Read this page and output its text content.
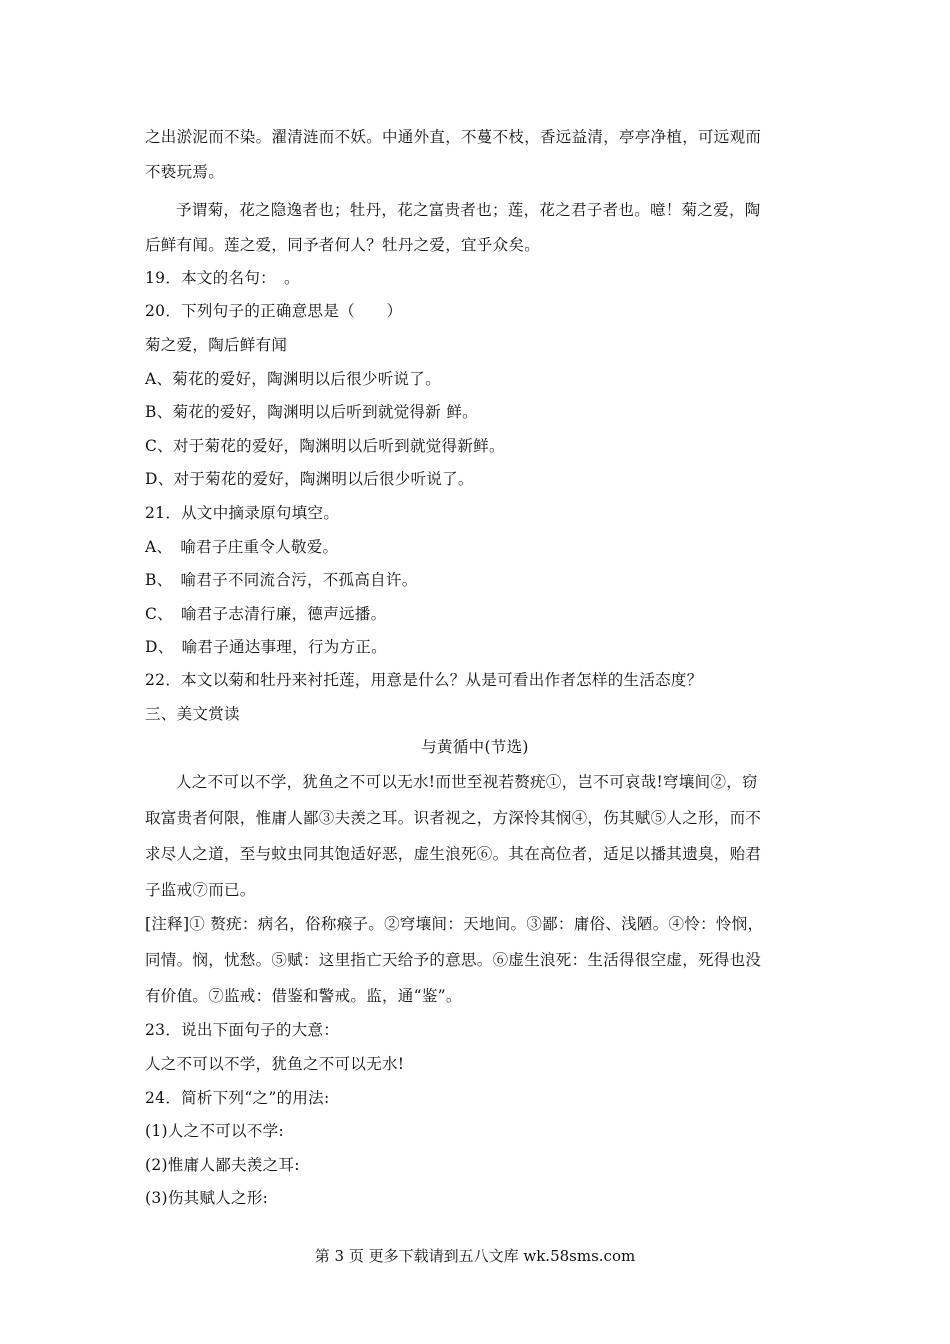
之出淤泥而不染。濯清涟而不妖。中通外直，不蔓不枝，香远益清，亭亭净植，可远观而
不亵玩焉。
予谓菊，花之隐逸者也；牡丹，花之富贵者也；莲，花之君子者也。噫！菊之爱，陶
后鲜有闻。莲之爱，同予者何人？牡丹之爱，宜乎众矣。
19．本文的名句：　。
20．下列句子的正确意思是（　　）
菊之爱，陶后鲜有闻
A、菊花的爱好，陶渊明以后很少听说了。
B、菊花的爱好，陶渊明以后听到就觉得新 鲜。
C、对于菊花的爱好，陶渊明以后听到就觉得新鲜。
D、对于菊花的爱好，陶渊明以后很少听说了。
21．从文中摘录原句填空。
A、　喻君子庄重令人敬爱。
B、　喻君子不同流合污，不孤高自许。
C、　喻君子志清行廉，德声远播。
D、　喻君子通达事理，行为方正。
22．本文以菊和牡丹来衬托莲，用意是什么？从是可看出作者怎样的生活态度？
三、美文赏读
与黄循中(节选)
人之不可以不学，犹鱼之不可以无水!而世至视若赘疣①，岂不可哀哉!穹壤间②，窃
取富贵者何限，惟庸人鄙③夫羡之耳。识者视之，方深怜其悯④，伤其赋⑤人之形，而不
求尽人之道，至与蚊虫同其饱适好恶，虚生浪死⑥。其在高位者，适足以播其遗臭，贻君
子监戒⑦而已。
[注释]① 赘疣：病名，俗称瘊子。②穹壤间：天地间。③鄙：庸俗、浅陋。④怜：怜悯，
同情。悯，忧愁。⑤赋：这里指亡天给予的意思。⑥虚生浪死：生活得很空虚，死得也没
有价值。⑦监戒：借鉴和警戒。监，通“鉴”。
23．说出下面句子的大意：
人之不可以不学，犹鱼之不可以无水!
24．简析下列“之”的用法:
(1)人之不可以不学:
(2)惟庸人鄙夫羡之耳:
(3)伤其赋人之形:
第 3 页 更多下载请到五八文库 wk.58sms.com
